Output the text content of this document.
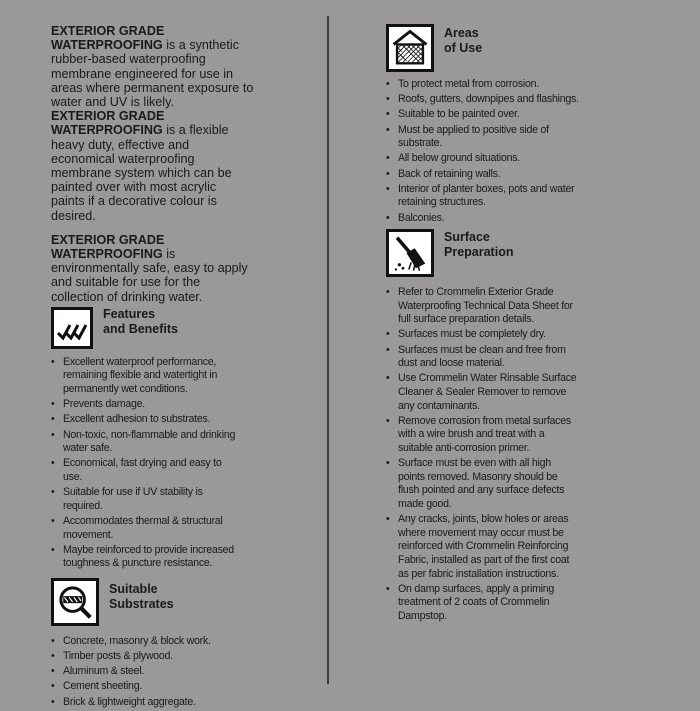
EXTERIOR GRADE WATERPROOFING is a synthetic rubber-based waterproofing membrane engineered for use in areas where permanent exposure to water and UV is likely.

EXTERIOR GRADE WATERPROOFING is a flexible heavy duty, effective and economical waterproofing membrane system which can be painted over with most acrylic paints if a decorative colour is desired.

EXTERIOR GRADE WATERPROOFING is environmentally safe, easy to apply and suitable for use for the collection of drinking water.

Features
and Benefits
• Excellent waterproof performance, remaining flexible and watertight in permanently wet conditions.
• Prevents damage.
• Excellent adhesion to substrates.
• Non-toxic, non-flammable and drinking water safe.
• Economical, fast drying and easy to use.
• Suitable for use if UV stability is required.
• Accommodates thermal & structural movement.
• Maybe reinforced to provide increased toughness & puncture resistance.
Suitable
Substrates
• Concrete, masonry & block work.
• Timber posts & plywood.
• Aluminum & steel.
• Cement sheeting.
• Brick & lightweight aggregate.
Areas
of Use
• To protect metal from corrosion.
• Roofs, gutters, downpipes and flashings.
• Suitable to be painted over.
• Must be applied to positive side of substrate.
• All below ground situations.
• Back of retaining walls.
• Interior of planter boxes, pots and water retaining structures.
• Balconies.
Surface
Preparation
• Refer to Crommelin Exterior Grade Waterproofing Technical Data Sheet for full surface preparation details.
• Surfaces must be completely dry.
• Surfaces must be clean and free from dust and loose material.
• Use Crommelin Water Rinsable Surface Cleaner & Sealer Remover to remove any contaminants.
• Remove corrosion from metal surfaces with a wire brush and treat with a suitable anti-corrosion primer.
• Surface must be even with all high points removed. Masonry should be flush pointed and any surface defects made good.
• Any cracks, joints, blow holes or areas where movement may occur must be reinforced with Crommelin Reinforcing Fabric, installed as part of the first coat as per fabric installation instructions.
• On damp surfaces, apply a priming treatment of 2 coats of Crommelin Dampstop.
